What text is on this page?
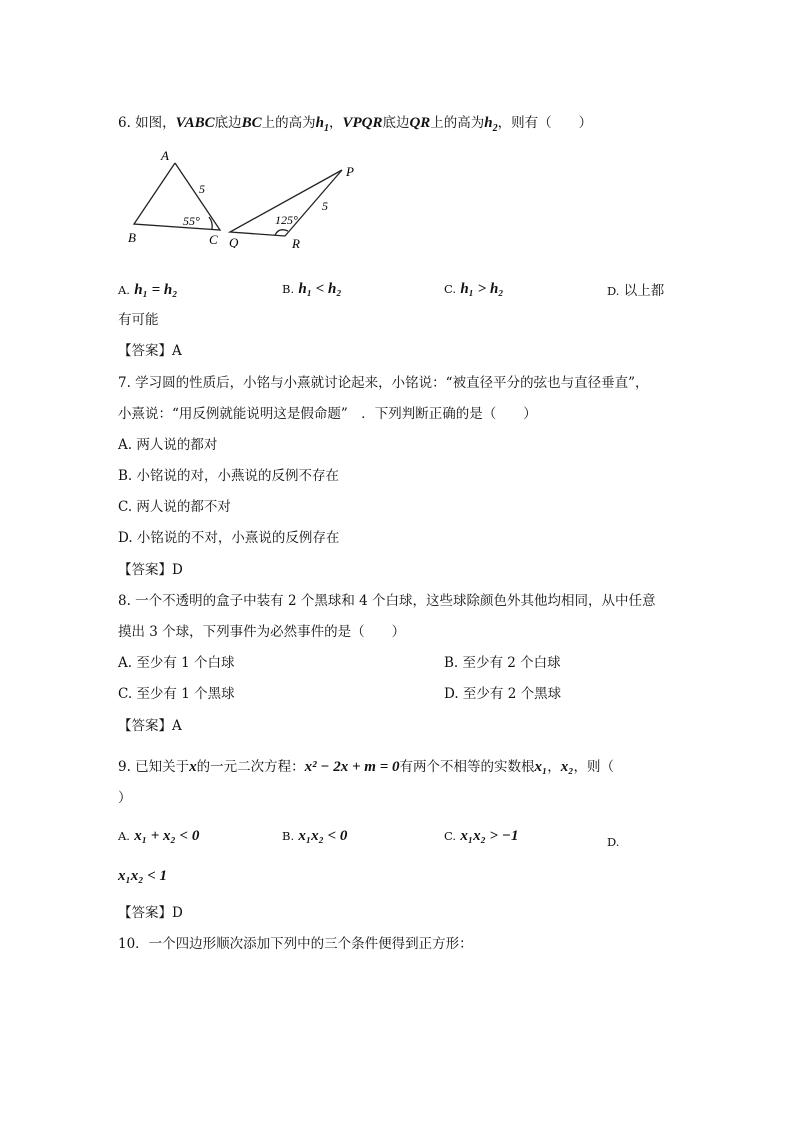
6. 如图，VABC底边BC上的高为$h_1$，VPQR底边QR上的高为$h_2$，则有（　　）
A
B	C
5
55°
P
Q	R
5
125°
A. h₁ = h₂	B. h₁ < h₂	C. h₁ > h₂	D. 以上都
有可能
【答案】A
7. 学习圆的性质后，小铭与小熹就讨论起来，小铭说：“被直径平分的弦也与直径垂直”，
小熹说：“用反例就能说明这是假命题”　．下列判断正确的是（　　）
A. 两人说的都对
B. 小铭说的对，小燕说的反例不存在
C. 两人说的都不对
D. 小铭说的不对，小熹说的反例存在
【答案】D
8. 一个不透明的盒子中装有 2 个黑球和 4 个白球，这些球除颜色外其他均相同，从中任意
摸出 3 个球，下列事件为必然事件的是（　　）
A. 至少有 1 个白球	B. 至少有 2 个白球
C. 至少有 1 个黑球	D. 至少有 2 个黑球
【答案】A
9. 已知关于x的一元二次方程：x² − 2x + m = 0有两个不相等的实数根x₁，x₂，则（
）
A. x₁ + x₂ < 0	B. x₁x₂ < 0	C. x₁x₂ > −1	D.
x₁x₂ < 1
【答案】D
10．一个四边形顺次添加下列中的三个条件便得到正方形：
